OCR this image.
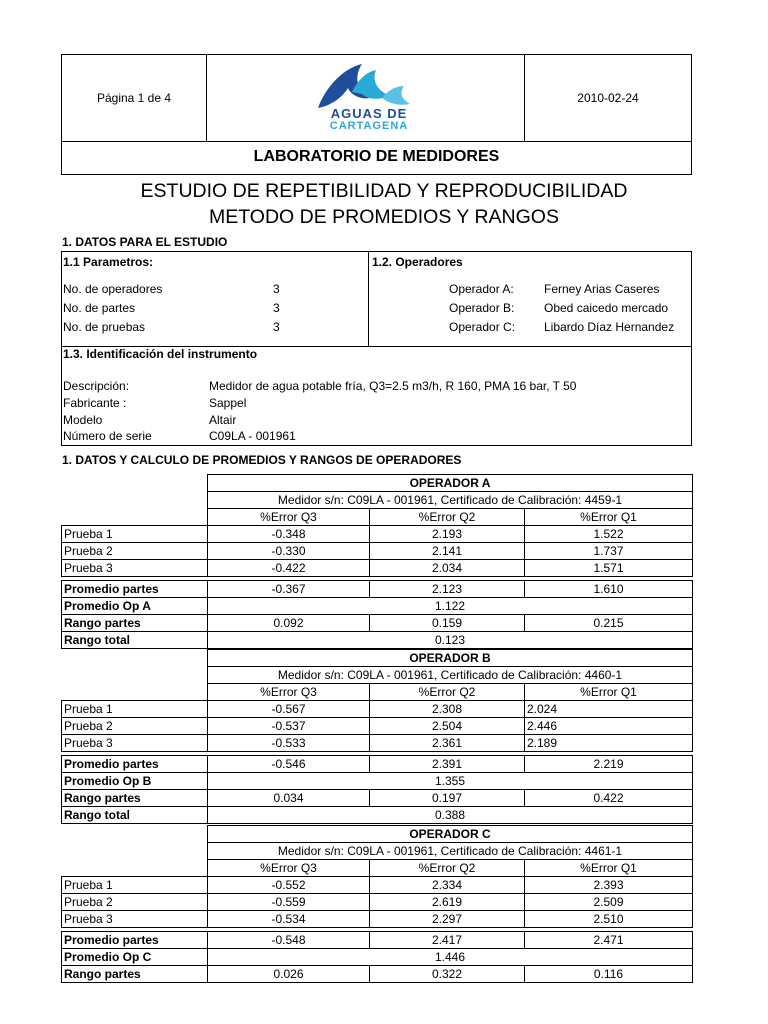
Página 1 de 4	2010-02-24
AGUAS DE
CARTAGENA
LABORATORIO DE MEDIDORES
ESTUDIO DE REPETIBILIDAD Y REPRODUCIBILIDAD
METODO DE PROMEDIOS Y RANGOS
1. DATOS PARA EL ESTUDIO
1.1 Parametros:	1.2. Operadores
No. de operadores	3
No. de partes	3
No. de pruebas	3
Operador A:	Ferney Arias Caseres
Operador B: Obed caicedo mercado
Operador C: Libardo Díaz Hernandez
1.3. Identificación del instrumento
Descripción:	Medidor de agua potable fría, Q3=2.5 m3/h, R 160, PMA 16 bar, T 50
Fabricante :	Sappel
Modelo	Altair
Número de serie	C09LA - 001961
1. DATOS Y CALCULO DE PROMEDIOS Y RANGOS DE OPERADORES
	OPERADOR A		
	Medidor s/n: C09LA - 001961, Certificado de Calibración: 4459-1		
	%Error Q3	%Error Q2	%Error Q1
Prueba 1	-0.348	2.193	1.522
Prueba 2	-0.330	2.141	1.737
Prueba 3	-0.422	2.034	1.571

Promedio partes	-0.367	2.123	1.610
Promedio Op A	1.122		
Rango partes	0.092	0.159	0.215
Rango total	0.123		
	OPERADOR B		
	Medidor s/n: C09LA - 001961, Certificado de Calibración: 4460-1		
	%Error Q3	%Error Q2	%Error Q1
Prueba 1	-0.567	2.308	2.024
Prueba 2	-0.537	2.504	2.446
Prueba 3	-0.533	2.361	2.189

Promedio partes	-0.546	2.391	2.219
Promedio Op B	1.355		
Rango partes	0.034	0.197	0.422
Rango total	0.388		
	OPERADOR C		
	Medidor s/n: C09LA - 001961, Certificado de Calibración: 4461-1		
	%Error Q3	%Error Q2	%Error Q1
Prueba 1	-0.552	2.334	2.393
Prueba 2	-0.559	2.619	2.509
Prueba 3	-0.534	2.297	2.510

Promedio partes	-0.548	2.417	2.471
Promedio Op C	1.446		
Rango partes	0.026	0.322	0.116
